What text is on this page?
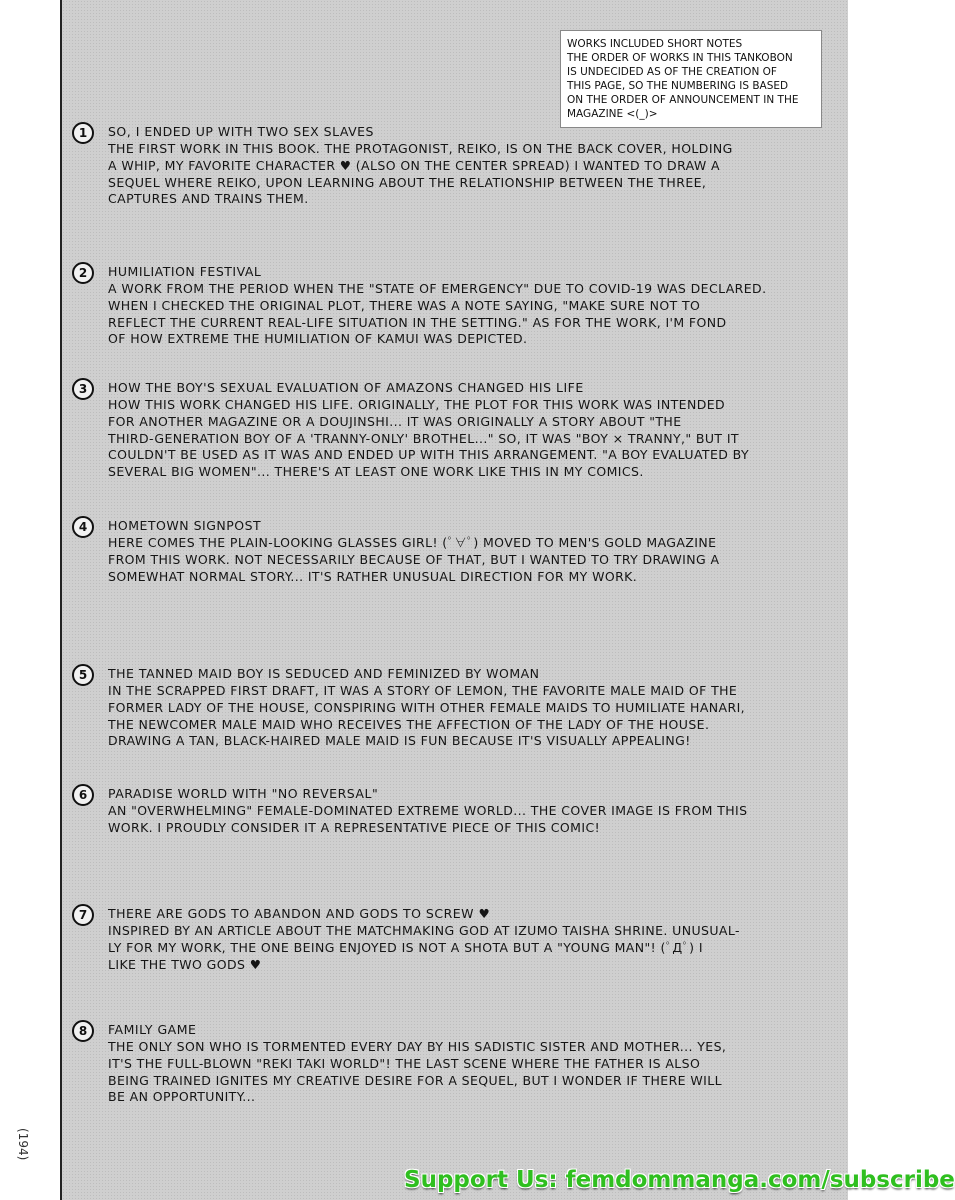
WORKS INCLUDED SHORT NOTES
THE ORDER OF WORKS IN THIS TANKOBON
IS UNDECIDED AS OF THE CREATION OF
THIS PAGE, SO THE NUMBERING IS BASED
ON THE ORDER OF ANNOUNCEMENT IN THE
MAGAZINE <(_)>
1	SO, I ENDED UP WITH TWO SEX SLAVES
THE FIRST WORK IN THIS BOOK. THE PROTAGONIST, REIKO, IS ON THE BACK COVER, HOLDING
A WHIP, MY FAVORITE CHARACTER ♥ (ALSO ON THE CENTER SPREAD) I WANTED TO DRAW A
SEQUEL WHERE REIKO, UPON LEARNING ABOUT THE RELATIONSHIP BETWEEN THE THREE,
CAPTURES AND TRAINS THEM.
2	HUMILIATION FESTIVAL
A WORK FROM THE PERIOD WHEN THE "STATE OF EMERGENCY" DUE TO COVID-19 WAS DECLARED.
WHEN I CHECKED THE ORIGINAL PLOT, THERE WAS A NOTE SAYING, "MAKE SURE NOT TO
REFLECT THE CURRENT REAL-LIFE SITUATION IN THE SETTING." AS FOR THE WORK, I'M FOND
OF HOW EXTREME THE HUMILIATION OF KAMUI WAS DEPICTED.
3	HOW THE BOY'S SEXUAL EVALUATION OF AMAZONS CHANGED HIS LIFE
HOW THIS WORK CHANGED HIS LIFE. ORIGINALLY, THE PLOT FOR THIS WORK WAS INTENDED
FOR ANOTHER MAGAZINE OR A DOUJINSHI... IT WAS ORIGINALLY A STORY ABOUT "THE
THIRD-GENERATION BOY OF A 'TRANNY-ONLY' BROTHEL..." SO, IT WAS "BOY × TRANNY," BUT IT
COULDN'T BE USED AS IT WAS AND ENDED UP WITH THIS ARRANGEMENT. "A BOY EVALUATED BY
SEVERAL BIG WOMEN"... THERE'S AT LEAST ONE WORK LIKE THIS IN MY COMICS.
4	HOMETOWN SIGNPOST
HERE COMES THE PLAIN-LOOKING GLASSES GIRL! (ﾟ∀ﾟ) MOVED TO MEN'S GOLD MAGAZINE
FROM THIS WORK. NOT NECESSARILY BECAUSE OF THAT, BUT I WANTED TO TRY DRAWING A
SOMEWHAT NORMAL STORY... IT'S RATHER UNUSUAL DIRECTION FOR MY WORK.
5	THE TANNED MAID BOY IS SEDUCED AND FEMINIZED BY WOMAN
IN THE SCRAPPED FIRST DRAFT, IT WAS A STORY OF LEMON, THE FAVORITE MALE MAID OF THE
FORMER LADY OF THE HOUSE, CONSPIRING WITH OTHER FEMALE MAIDS TO HUMILIATE HANARI,
THE NEWCOMER MALE MAID WHO RECEIVES THE AFFECTION OF THE LADY OF THE HOUSE.
DRAWING A TAN, BLACK-HAIRED MALE MAID IS FUN BECAUSE IT'S VISUALLY APPEALING!
6	PARADISE WORLD WITH "NO REVERSAL"
AN "OVERWHELMING" FEMALE-DOMINATED EXTREME WORLD... THE COVER IMAGE IS FROM THIS
WORK. I PROUDLY CONSIDER IT A REPRESENTATIVE PIECE OF THIS COMIC!
7	THERE ARE GODS TO ABANDON AND GODS TO SCREW ♥
INSPIRED BY AN ARTICLE ABOUT THE MATCHMAKING GOD AT IZUMO TAISHA SHRINE. UNUSUAL-
LY FOR MY WORK, THE ONE BEING ENJOYED IS NOT A SHOTA BUT A "YOUNG MAN"! (ﾟДﾟ) I
LIKE THE TWO GODS ♥
8	FAMILY GAME
THE ONLY SON WHO IS TORMENTED EVERY DAY BY HIS SADISTIC SISTER AND MOTHER... YES,
IT'S THE FULL-BLOWN "REKI TAKI WORLD"! THE LAST SCENE WHERE THE FATHER IS ALSO
BEING TRAINED IGNITES MY CREATIVE DESIRE FOR A SEQUEL, BUT I WONDER IF THERE WILL
BE AN OPPORTUNITY...
(194)
Support Us: femdommanga.com/subscribe
